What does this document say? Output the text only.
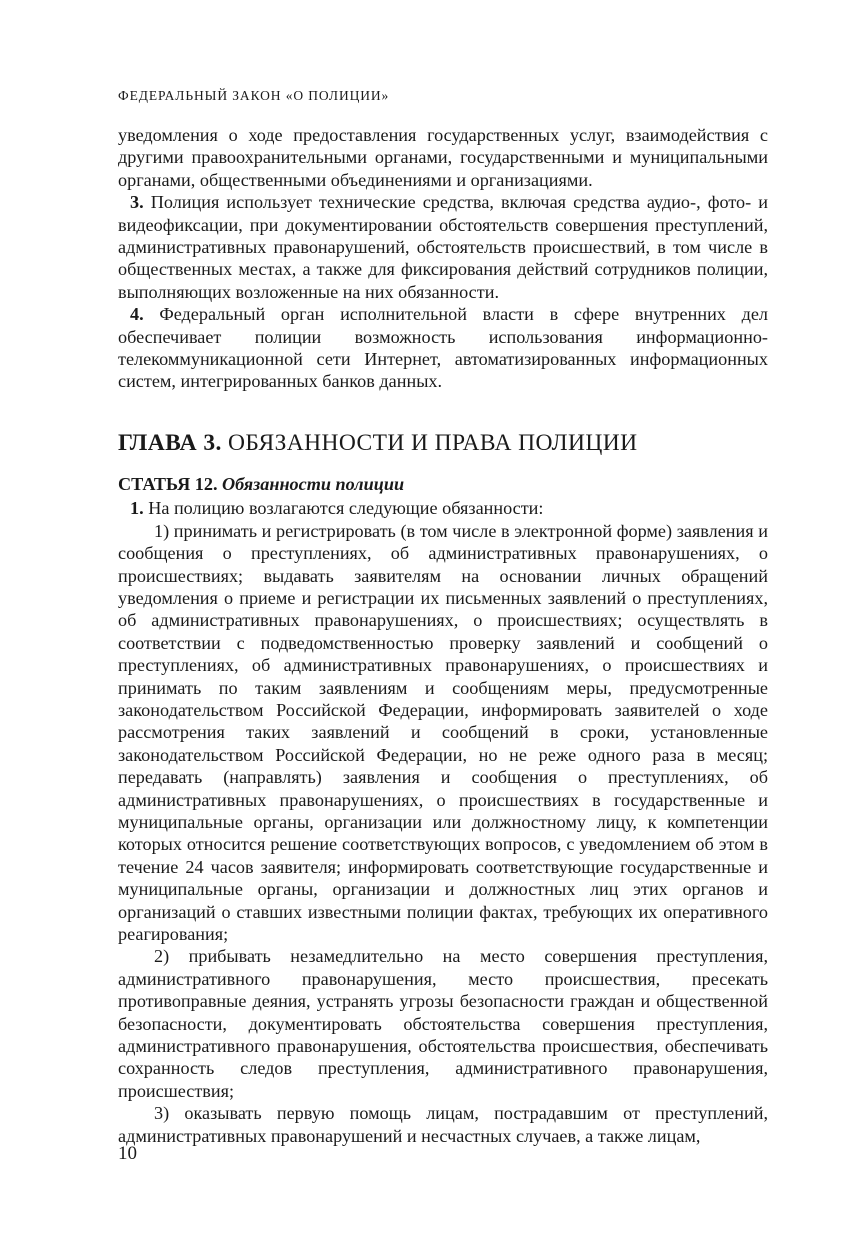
ФЕДЕРАЛЬНЫЙ ЗАКОН «О ПОЛИЦИИ»

уведомления о ходе предоставления государственных услуг, взаимодействия с другими правоохранительными органами, государственными и муниципальными органами, общественными объединениями и организациями.

3. Полиция использует технические средства, включая средства аудио-, фото- и видеофиксации, при документировании обстоятельств совершения преступлений, административных правонарушений, обстоятельств происшествий, в том числе в общественных местах, а также для фиксирования действий сотрудников полиции, выполняющих возложенные на них обязанности.

4. Федеральный орган исполнительной власти в сфере внутренних дел обеспечивает полиции возможность использования информационно-телекоммуникационной сети Интернет, автоматизированных информационных систем, интегрированных банков данных.

ГЛАВА 3. ОБЯЗАННОСТИ И ПРАВА ПОЛИЦИИ
СТАТЬЯ 12. Обязанности полиции

1. На полицию возлагаются следующие обязанности:

1) принимать и регистрировать (в том числе в электронной форме) заявления и сообщения о преступлениях, об административных правонарушениях, о происшествиях; выдавать заявителям на основании личных обращений уведомления о приеме и регистрации их письменных заявлений о преступлениях, об административных правонарушениях, о происшествиях; осуществлять в соответствии с подведомственностью проверку заявлений и сообщений о преступлениях, об административных правонарушениях, о происшествиях и принимать по таким заявлениям и сообщениям меры, предусмотренные законодательством Российской Федерации, информировать заявителей о ходе рассмотрения таких заявлений и сообщений в сроки, установленные законодательством Российской Федерации, но не реже одного раза в месяц; передавать (направлять) заявления и сообщения о преступлениях, об административных правонарушениях, о происшествиях в государственные и муниципальные органы, организации или должностному лицу, к компетенции которых относится решение соответствующих вопросов, с уведомлением об этом в течение 24 часов заявителя; информировать соответствующие государственные и муниципальные органы, организации и должностных лиц этих органов и организаций о ставших известными полиции фактах, требующих их оперативного реагирования;

2) прибывать незамедлительно на место совершения преступления, административного правонарушения, место происшествия, пресекать противоправные деяния, устранять угрозы безопасности граждан и общественной безопасности, документировать обстоятельства совершения преступления, административного правонарушения, обстоятельства происшествия, обеспечивать сохранность следов преступления, административного правонарушения, происшествия;

3) оказывать первую помощь лицам, пострадавшим от преступлений, административных правонарушений и несчастных случаев, а также лицам,

10
